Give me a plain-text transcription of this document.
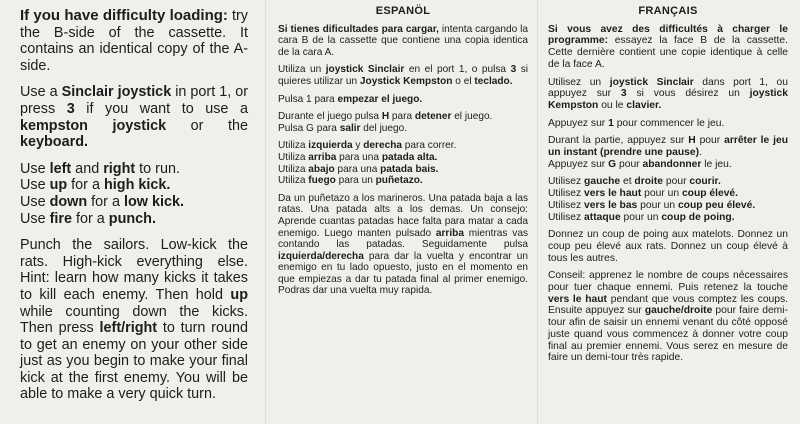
If you have difficulty loading: try the B-side of the cassette. It contains an identical copy of the A-side.

Use a Sinclair joystick in port 1, or press 3 if you want to use a kempston joystick or the keyboard.

Use left and right to run.
Use up for a high kick.
Use down for a low kick.
Use fire for a punch.

Punch the sailors. Low-kick the rats. High-kick everything else. Hint: learn how many kicks it takes to kill each enemy. Then hold up while counting down the kicks. Then press left/right to turn round to get an enemy on your other side just as you begin to make your final kick at the first enemy. You will be able to make a very quick turn.

ESPANÖL

Si tienes dificultades para cargar, intenta cargando la cara B de la cassette que contiene una copia identica de la cara A.

Utiliza un joystick Sinclair en el port 1, o pulsa 3 si quieres utilizar un Joystick Kempston o el teclado.

Pulsa 1 para empezar el juego.

Durante el juego pulsa H para detener el juego.
Pulsa G para salir del juego.

Utiliza izquierda y derecha para correr.
Utiliza arriba para una patada alta.
Utiliza abajo para una patada bais.
Utiliza fuego para un puñetazo.

Da un puñetazo a los marineros. Una patada baja a las ratas. Una patada alts a los demas. Un consejo: Aprende cuantas patadas hace falta para matar a cada enemigo. Luego manten pulsado arriba mientras vas contando las patadas. Seguidamente pulsa izquierda/derecha para dar la vuelta y encontrar un enemigo en tu lado opuesto, justo en el momento en que empiezas a dar tu patada final al primer enemigo. Podras dar una vuelta muy rapida.

FRANÇAIS

Si vous avez des difficultés à charger le programme: essayez la face B de la cassette. Cette dernière contient une copie identique à celle de la face A.

Utilisez un joystick Sinclair dans port 1, ou appuyez sur 3 si vous désirez un joystick Kempston ou le clavier.

Appuyez sur 1 pour commencer le jeu.

Durant la partie, appuyez sur H pour arrêter le jeu un instant (prendre une pause).
Appuyez sur G pour abandonner le jeu.

Utilisez gauche et droite pour courir.
Utilisez vers le haut pour un coup élevé.
Utilisez vers le bas pour un coup peu élevé.
Utilisez attaque pour un coup de poing.

Donnez un coup de poing aux matelots. Donnez un coup peu élevé aux rats. Donnez un coup élevé à tous les autres.

Conseil: apprenez le nombre de coups nécessaires pour tuer chaque ennemi. Puis retenez la touche vers le haut pendant que vous comptez les coups. Ensuite appuyez sur gauche/droite pour faire demi-tour afin de saisir un ennemi venant du côté opposé juste quand vous commencez à donner votre coup final au premier ennemi. Vous serez en mesure de faire un demi-tour très rapide.
